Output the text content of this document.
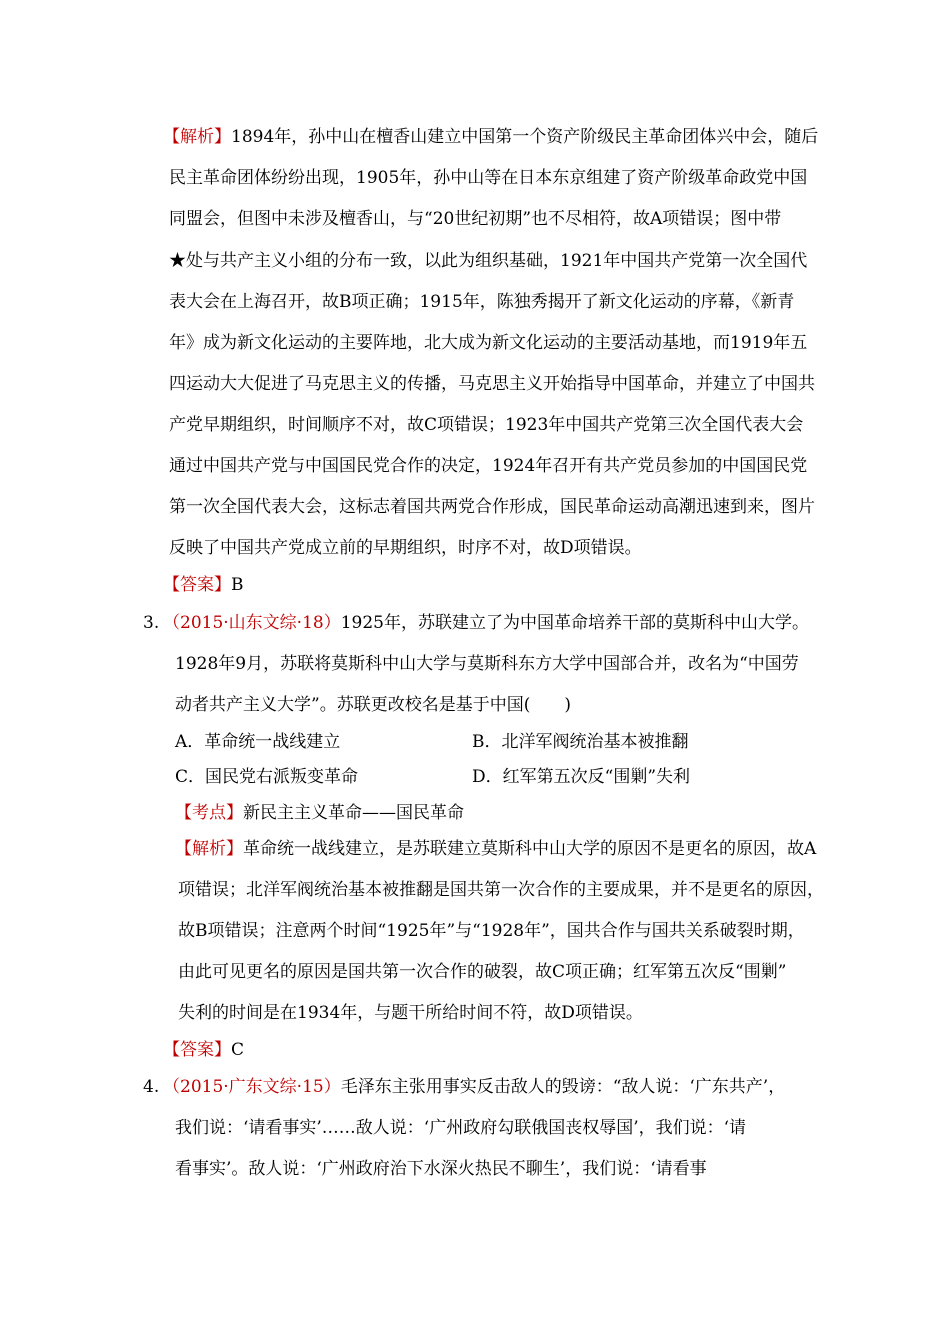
【解析】1894年，孙中山在檀香山建立中国第一个资产阶级民主革命团体兴中会，随后
民主革命团体纷纷出现，1905年，孙中山等在日本东京组建了资产阶级革命政党中国
同盟会，但图中未涉及檀香山，与“20世纪初期”也不尽相符，故A项错误；图中带
★处与共产主义小组的分布一致，以此为组织基础，1921年中国共产党第一次全国代
表大会在上海召开，故B项正确；1915年，陈独秀揭开了新文化运动的序幕，《新青
年》成为新文化运动的主要阵地，北大成为新文化运动的主要活动基地，而1919年五
四运动大大促进了马克思主义的传播，马克思主义开始指导中国革命，并建立了中国共
产党早期组织，时间顺序不对，故C项错误；1923年中国共产党第三次全国代表大会
通过中国共产党与中国国民党合作的决定，1924年召开有共产党员参加的中国国民党
第一次全国代表大会，这标志着国共两党合作形成，国民革命运动高潮迅速到来，图片
反映了中国共产党成立前的早期组织，时序不对，故D项错误。
【答案】B
3. （2015·山东文综·18）1925年，苏联建立了为中国革命培养干部的莫斯科中山大学。
1928年9月，苏联将莫斯科中山大学与莫斯科东方大学中国部合并，改名为“中国劳
动者共产主义大学”。苏联更改校名是基于中国(　　)
A．革命统一战线建立	B．北洋军阀统治基本被推翻
C．国民党右派叛变革命	D．红军第五次反“围剿”失利
【考点】新民主主义革命——国民革命
【解析】革命统一战线建立，是苏联建立莫斯科中山大学的原因不是更名的原因，故A
项错误；北洋军阀统治基本被推翻是国共第一次合作的主要成果，并不是更名的原因，
故B项错误；注意两个时间“1925年”与“1928年”，国共合作与国共关系破裂时期，
由此可见更名的原因是国共第一次合作的破裂，故C项正确；红军第五次反“围剿”
失利的时间是在1934年，与题干所给时间不符，故D项错误。
【答案】C
4. （2015·广东文综·15）毛泽东主张用事实反击敌人的毁谤：“敌人说：‘广东共产’，
我们说：‘请看事实’……敌人说：‘广州政府勾联俄国丧权辱国’，我们说：‘请
看事实’。敌人说：‘广州政府治下水深火热民不聊生’，我们说：‘请看事
